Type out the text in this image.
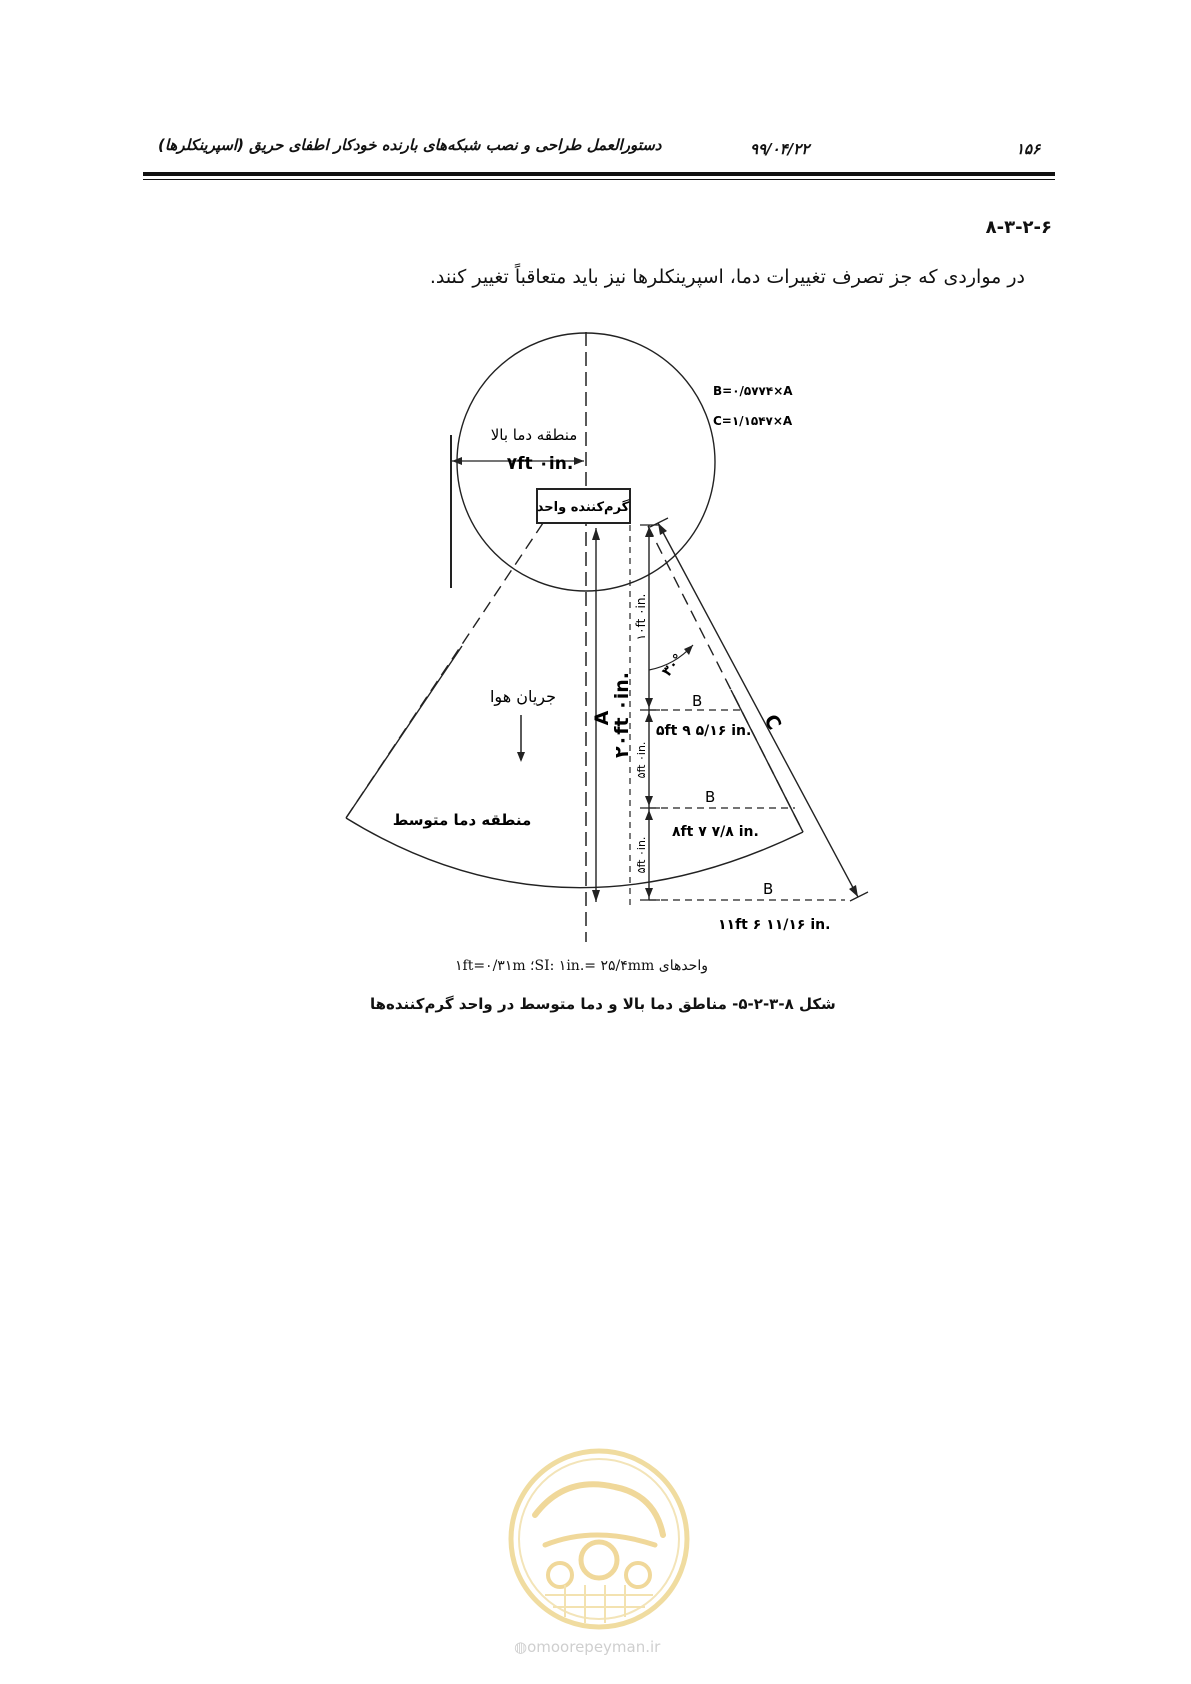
۱۵۶
۹۹/۰۴/۲۲
دستورالعمل طراحی و نصب شبکه‌های بارنده خودکار اطفای حریق (اسپرینکلرها)
۸-۳-۲-۶
در مواردی که جز تصرف تغییرات دما، اسپرینکلرها نیز باید متعاقباً تغییر کنند.
B=۰/۵۷۷۴×A
C=۱/۱۵۴۷×A
منطقه دما بالا
۷ft ۰in.
گرم‌کننده واحد
جریان هوا
منطقه دما متوسط
A
۲۰ft ۰in.
۱۰ft ۰in.
۵ft ۰in.
۵ft ۰in.
۳۰°
B
۵ft ۹ ۵/۱۶ in.
B
۸ft ۷ ۷/۸ in.
B
۱۱ft ۶ ۱۱/۱۶ in.
C
واحدهای SI: ۱in.= ۲۵/۴mm؛ ۱ft=۰/۳۱m
شکل ۸-۳-۲-۵- مناطق دما بالا و دما متوسط در واحد گرم‌کننده‌ها
◍omoorepeyman.ir
